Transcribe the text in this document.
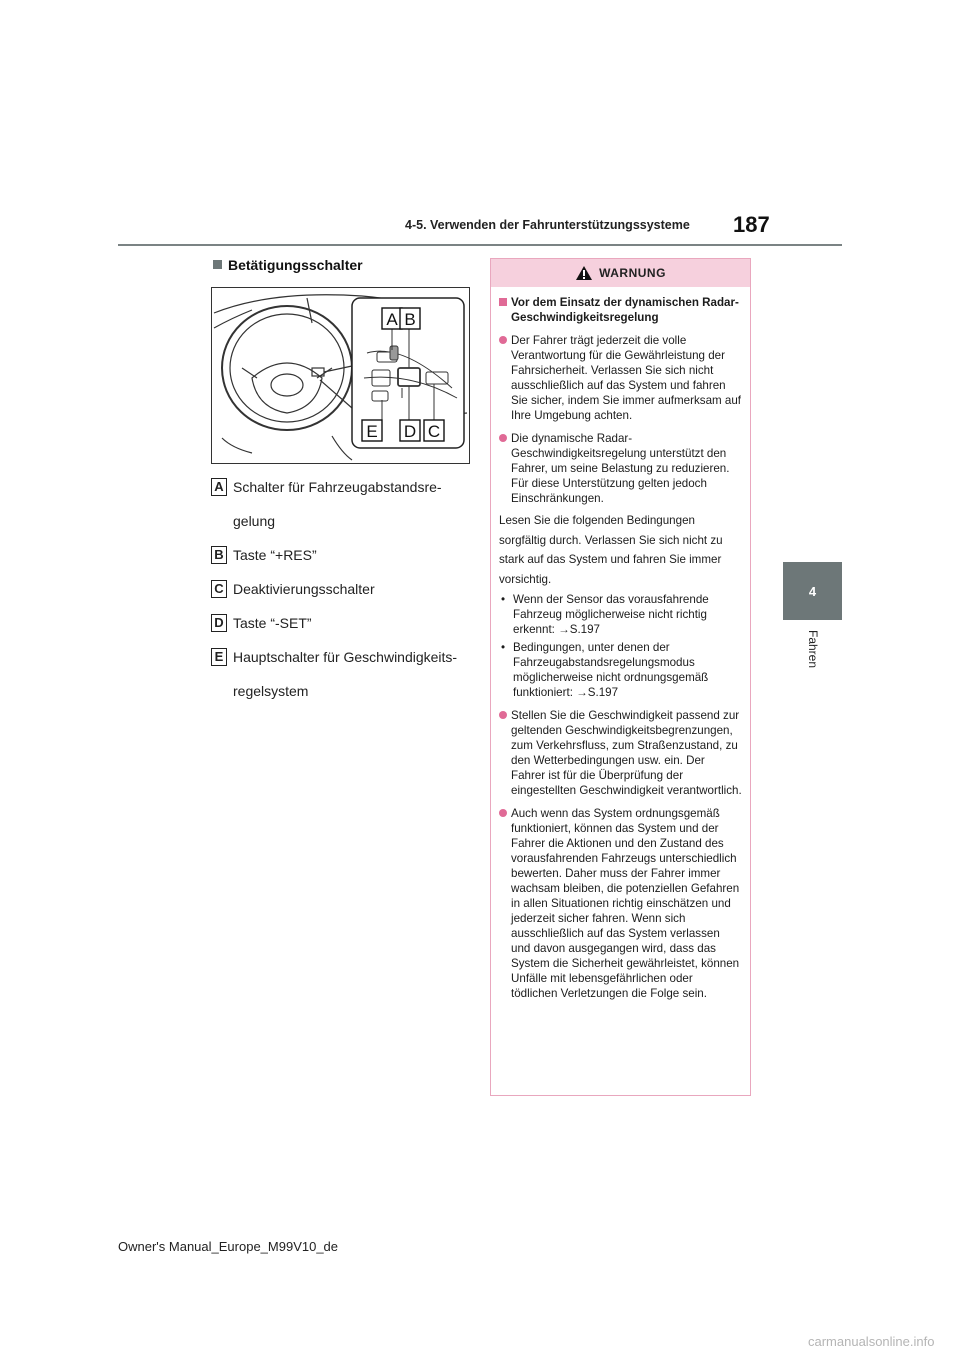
4-5. Verwenden der Fahrunterstützungssysteme 187
4
Fahren
Betätigungsschalter
A B
E D C
A Schalter für Fahrzeugabstandsre-
gelung
B Taste “+RES”
C Deaktivierungsschalter
D Taste “-SET”
E Hauptschalter für Geschwindigkeits-
regelsystem
WARNUNG
Vor dem Einsatz der dynamischen Radar-Geschwindigkeitsregelung
Der Fahrer trägt jederzeit die volle Verantwortung für die Gewährleistung der Fahrsicherheit. Verlassen Sie sich nicht ausschließlich auf das System und fahren Sie sicher, indem Sie immer aufmerksam auf Ihre Umgebung achten.
Die dynamische Radar-Geschwindigkeitsregelung unterstützt den Fahrer, um seine Belastung zu reduzieren. Für diese Unterstützung gelten jedoch Einschränkungen.
Lesen Sie die folgenden Bedingungen sorgfältig durch. Verlassen Sie sich nicht zu stark auf das System und fahren Sie immer vorsichtig.
• Wenn der Sensor das vorausfahrende Fahrzeug möglicherweise nicht richtig erkennt: →S.197
• Bedingungen, unter denen der Fahrzeugabstandsregelungsmodus möglicherweise nicht ordnungsgemäß funktioniert: →S.197
Stellen Sie die Geschwindigkeit passend zur geltenden Geschwindigkeitsbegrenzungen, zum Verkehrsfluss, zum Straßenzustand, zu den Wetterbedingungen usw. ein. Der Fahrer ist für die Überprüfung der eingestellten Geschwindigkeit verantwortlich.
Auch wenn das System ordnungsgemäß funktioniert, können das System und der Fahrer die Aktionen und den Zustand des vorausfahrenden Fahrzeugs unterschiedlich bewerten. Daher muss der Fahrer immer wachsam bleiben, die potenziellen Gefahren in allen Situationen richtig einschätzen und jederzeit sicher fahren. Wenn sich ausschließlich auf das System verlassen und davon ausgegangen wird, dass das System die Sicherheit gewährleistet, können Unfälle mit lebensgefährlichen oder tödlichen Verletzungen die Folge sein.
Owner's Manual_Europe_M99V10_de
carmanualsonline.info
